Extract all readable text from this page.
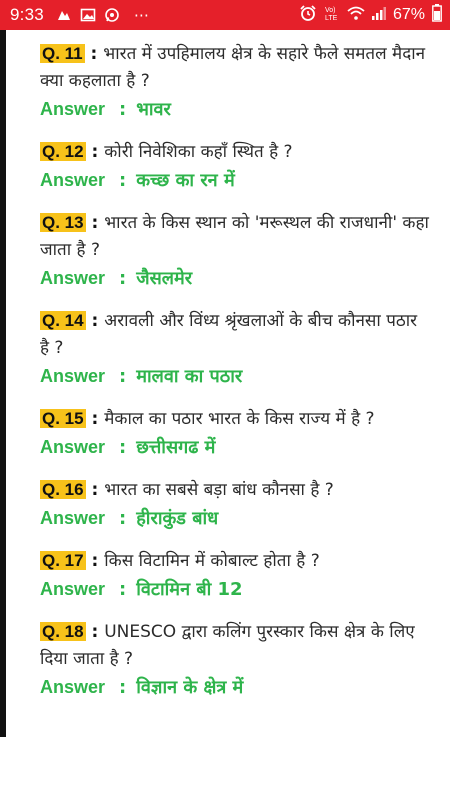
9:33	⋯	Vo)
LTE	67%

Q. 11 : भारत में उपहिमालय क्षेत्र के सहारे फैले समतल मैदान क्या कहलाता है ?

Answer : भावर

Q. 12 : कोरी निवेशिका कहाँ स्थित है ?

Answer : कच्छ का रन में

Q. 13 : भारत के किस स्थान को 'मरूस्थल की राजधानी' कहा जाता है ?

Answer : जैसलमेर

Q. 14 : अरावली और विंध्य श्रृंखलाओं के बीच कौनसा पठार है ?

Answer : मालवा का पठार

Q. 15 : मैकाल का पठार भारत के किस राज्य में है ?

Answer : छत्तीसगढ में

Q. 16 : भारत का सबसे बड़ा बांध कौनसा है ?

Answer : हीराकुंड बांध

Q. 17 : किस विटामिन में कोबाल्ट होता है ?

Answer : विटामिन बी 12

Q. 18 : UNESCO द्वारा कलिंग पुरस्कार किस क्षेत्र के लिए दिया जाता है ?

Answer : विज्ञान के क्षेत्र में
